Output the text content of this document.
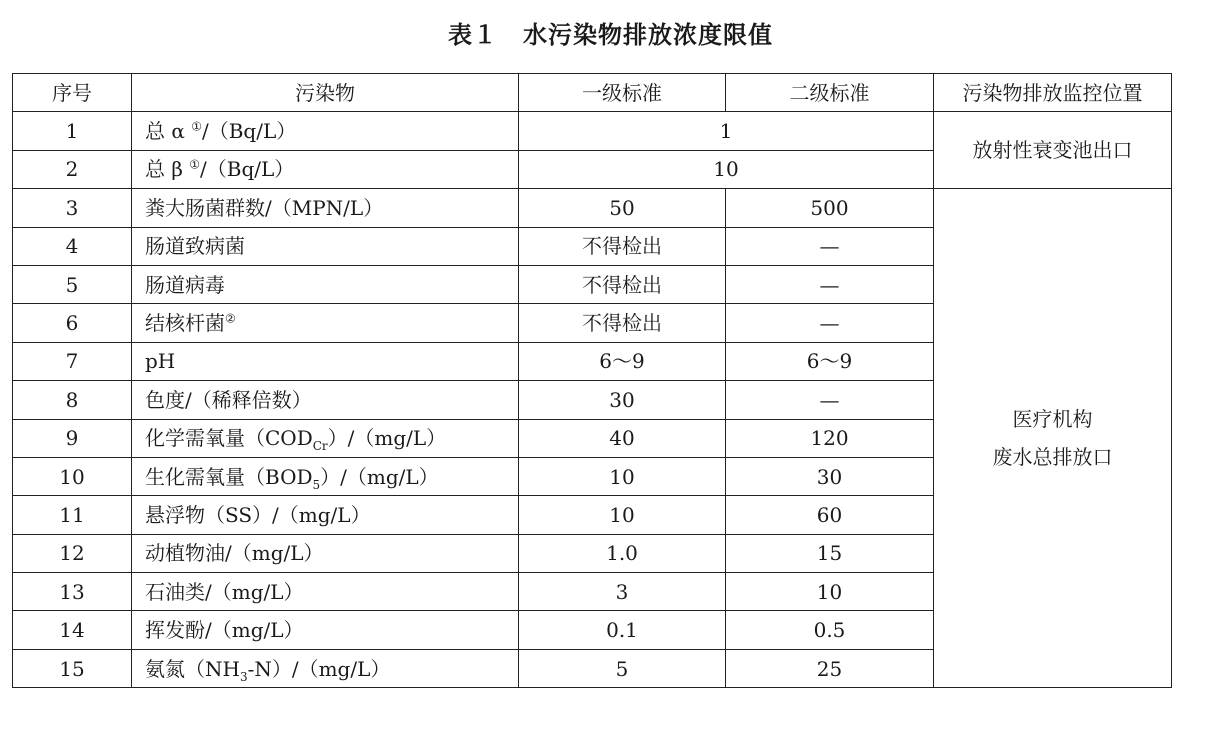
表１　水污染物排放浓度限值
序号	污染物	一级标准	二级标准	污染物排放监控位置
1	总 α ①/（Bq/L）	1		放射性衰变池出口
2	总 β ①/（Bq/L）	10		
3	粪大肠菌群数/（MPN/L）	50	500	医疗机构
废水总排放口

4	肠道致病菌	不得检出	—	
5	肠道病毒	不得检出	—	
6	结核杆菌②	不得检出	—	
7	pH	6～9	6～9	
8	色度/（稀释倍数）	30	—	
9	化学需氧量$(COD_{Cr})/(mg/L)$	40	120	
10	生化需氧量$(BOD_5)/(mg/L)$	10	30	
11	悬浮物（SS）/（mg/L）	10	60	
12	动植物油/（mg/L）	1.0	15	
13	石油类/（mg/L）	3	10	
14	挥发酚/（mg/L）	0.1	0.5	
15	氨氮$(NH_3-N)/(mg/L)$	5	25	
